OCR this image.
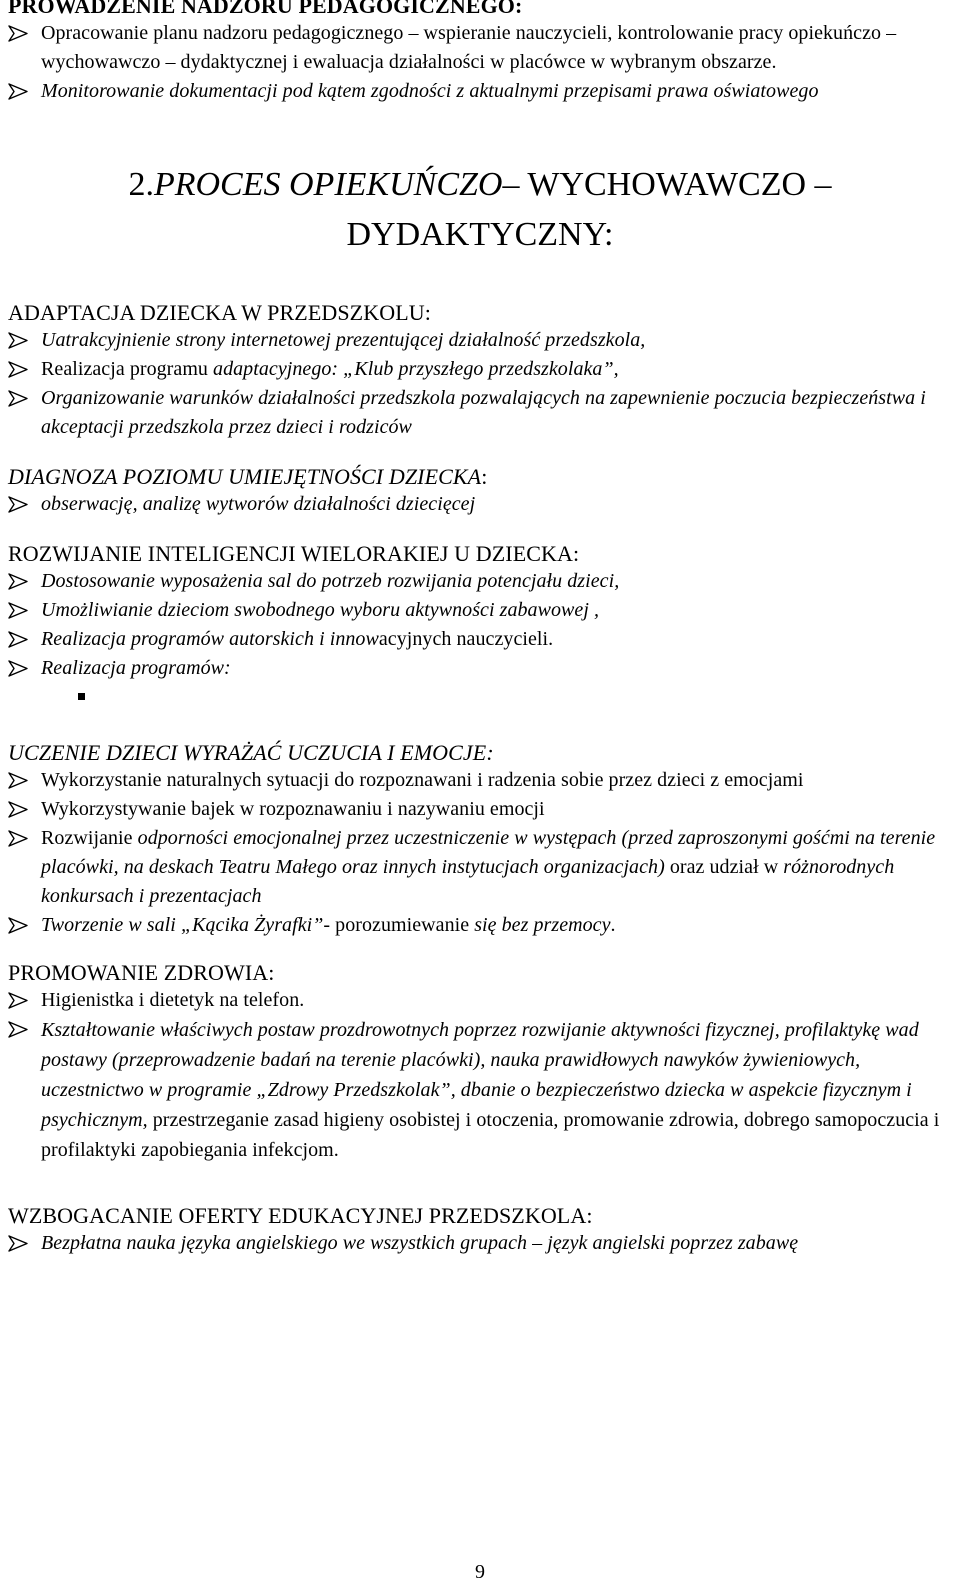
PROWADZENIE NADZORU PEDAGOGICZNEGO:
Opracowanie planu nadzoru pedagogicznego – wspieranie nauczycieli, kontrolowanie pracy opiekuńczo – wychowawczo – dydaktycznej i ewaluacja działalności w placówce w wybranym obszarze.
Monitorowanie dokumentacji pod kątem zgodności z aktualnymi przepisami prawa oświatowego
2.PROCES OPIEKUŃCZO– WYCHOWAWCZO –
DYDAKTYCZNY:
ADAPTACJA DZIECKA W PRZEDSZKOLU:
Uatrakcyjnienie strony internetowej prezentującej działalność przedszkola,
Realizacja programu adaptacyjnego: „Klub przyszłego przedszkolaka”,
Organizowanie warunków działalności przedszkola pozwalających na zapewnienie poczucia bezpieczeństwa i akceptacji przedszkola przez dzieci i rodziców
DIAGNOZA POZIOMU UMIEJĘTNOŚCI DZIECKA:
obserwację, analizę wytworów działalności dziecięcej
ROZWIJANIE INTELIGENCJI WIELORAKIEJ U DZIECKA:
Dostosowanie wyposażenia sal do potrzeb rozwijania potencjału dzieci,
Umożliwianie dzieciom swobodnego wyboru aktywności zabawowej ,
Realizacja programów autorskich i innowacyjnych nauczycieli.
Realizacja programów:
UCZENIE DZIECI WYRAŻAĆ UCZUCIA I EMOCJE:
Wykorzystanie naturalnych sytuacji do rozpoznawani i radzenia sobie przez dzieci z emocjami
Wykorzystywanie bajek w rozpoznawaniu i nazywaniu emocji
Rozwijanie odporności emocjonalnej przez uczestniczenie w występach (przed zaproszonymi gośćmi na terenie placówki, na deskach Teatru Małego oraz innych instytucjach organizacjach) oraz udział w różnorodnych konkursach i prezentacjach
Tworzenie w sali „Kącika Żyrafki”- porozumiewanie się bez przemocy.
PROMOWANIE ZDROWIA:
Higienistka i dietetyk na telefon.
Kształtowanie właściwych postaw prozdrowotnych poprzez rozwijanie aktywności fizycznej, profilaktykę wad postawy (przeprowadzenie badań na terenie placówki), nauka prawidłowych nawyków żywieniowych, uczestnictwo w programie „Zdrowy Przedszkolak”, dbanie o bezpieczeństwo dziecka w aspekcie fizycznym i psychicznym, przestrzeganie zasad higieny osobistej i otoczenia, promowanie zdrowia, dobrego samopoczucia i profilaktyki zapobiegania infekcjom.
WZBOGACANIE OFERTY EDUKACYJNEJ PRZEDSZKOLA:
Bezpłatna nauka języka angielskiego we wszystkich grupach – język angielski poprzez zabawę
9
